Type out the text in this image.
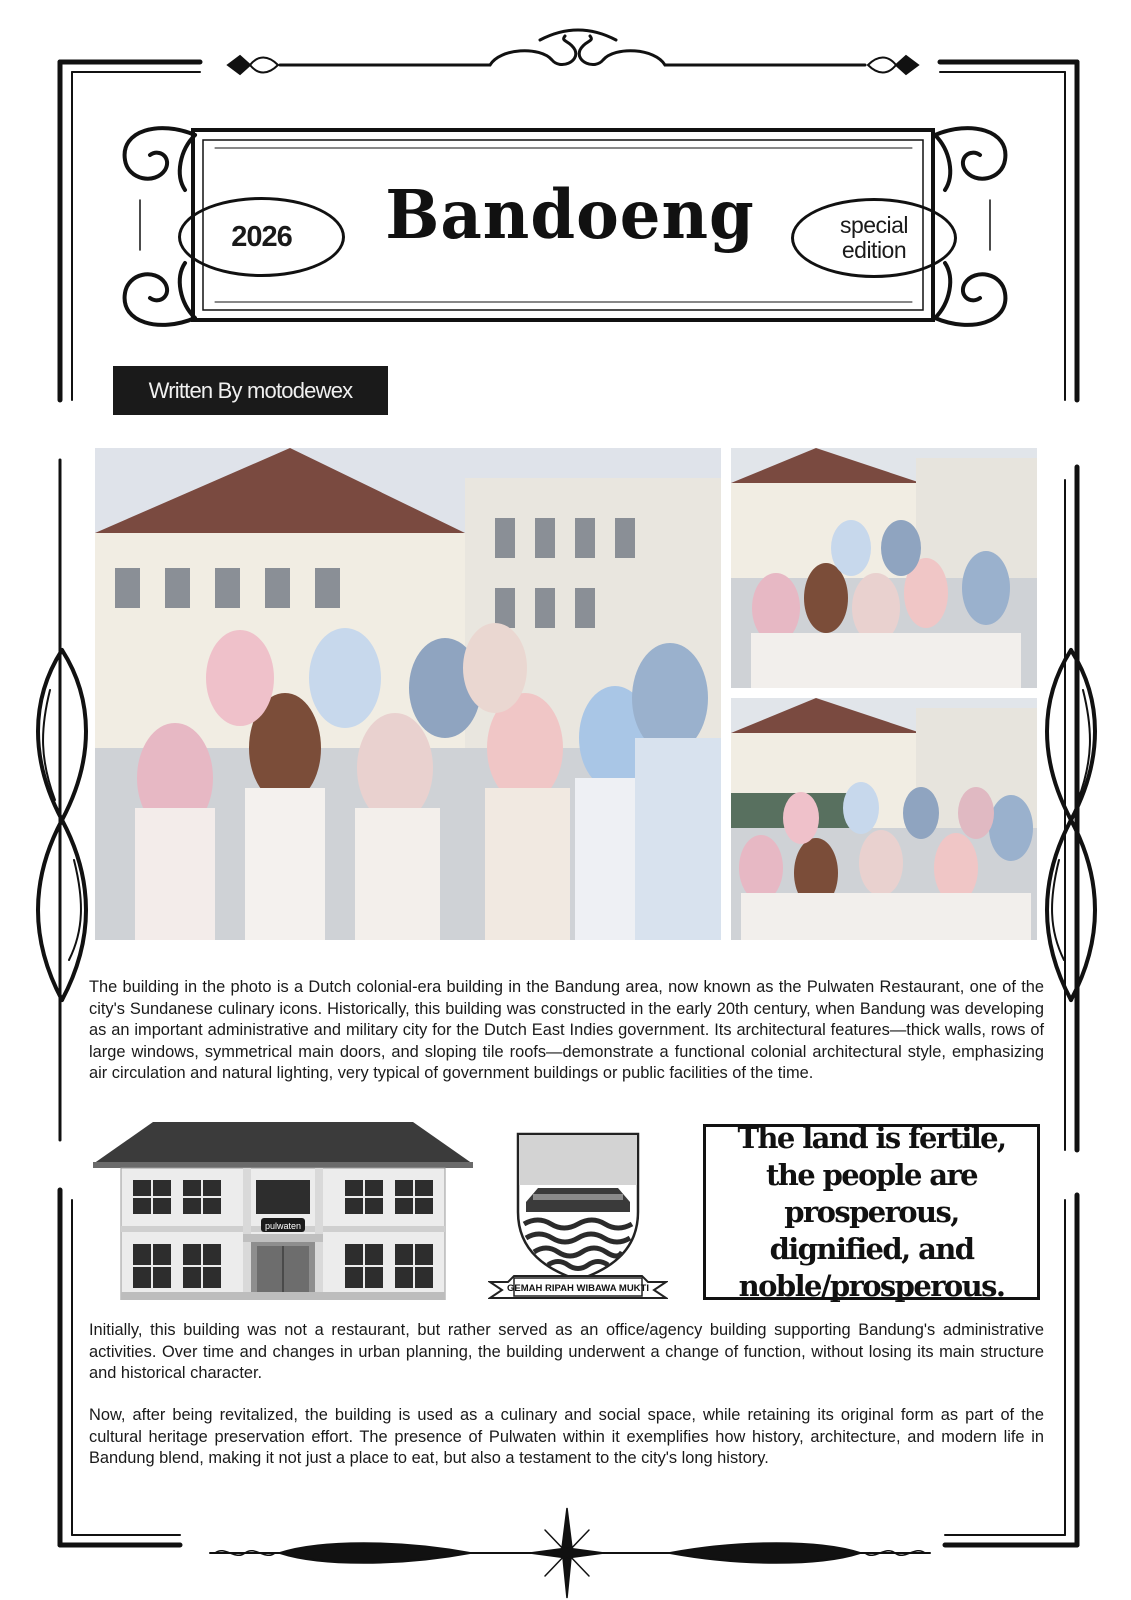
2026 Bandoeng	special edition
Written By motodewex
The building in the photo is a Dutch colonial-era building in the Bandung area, now known as the Pulwaten Restaurant, one of the city's Sundanese culinary icons. Historically, this building was constructed in the early 20th century, when Bandung was developing as an important administrative and military city for the Dutch East Indies government. Its architectural features—thick walls, rows of large windows, symmetrical main doors, and sloping tile roofs—demonstrate a functional colonial architectural style, emphasizing air circulation and natural lighting, very typical of government buildings or public facilities of the time.
pulwaten
GEMAH RIPAH WIBAWA MUKTI
The land is fertile, the people are prosperous, dignified, and noble/prosperous.
Initially, this building was not a restaurant, but rather served as an office/agency building supporting Bandung's administrative activities. Over time and changes in urban planning, the building underwent a change of function, without losing its main structure and historical character.
Now, after being revitalized, the building is used as a culinary and social space, while retaining its original form as part of the cultural heritage preservation effort. The presence of Pulwaten within it exemplifies how history, architecture, and modern life in Bandung blend, making it not just a place to eat, but also a testament to the city's long history.
